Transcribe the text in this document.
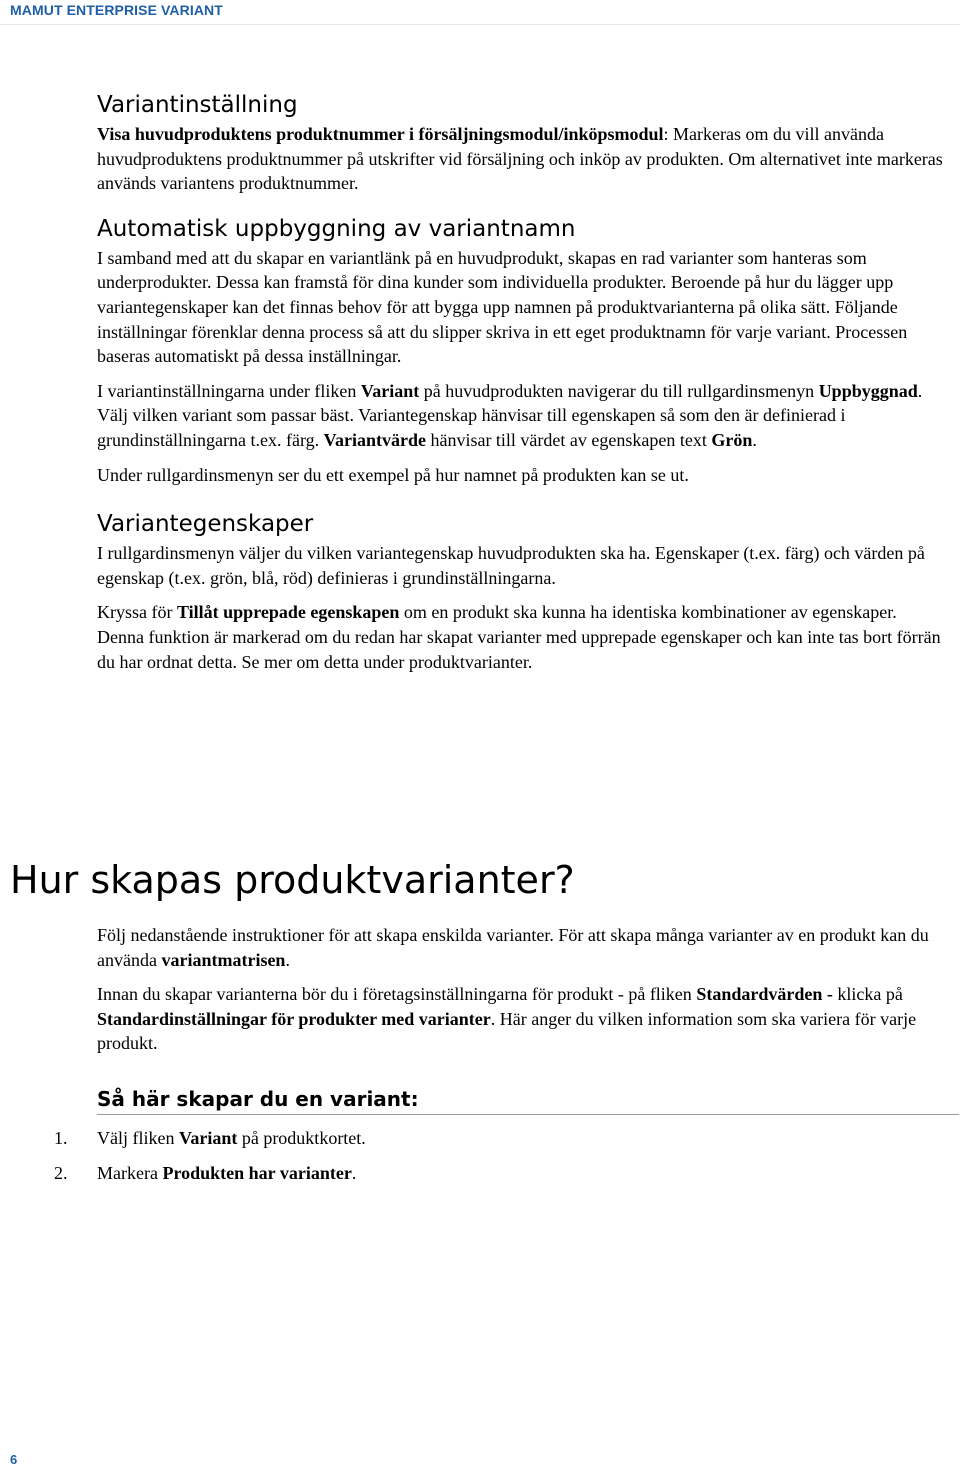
MAMUT ENTERPRISE VARIANT
Variantinställning

Visa huvudproduktens produktnummer i försäljningsmodul/inköpsmodul: Markeras om du vill använda huvudproduktens produktnummer på utskrifter vid försäljning och inköp av produkten. Om alternativet inte markeras används variantens produktnummer.

Automatisk uppbyggning av variantnamn

I samband med att du skapar en variantlänk på en huvudprodukt, skapas en rad varianter som hanteras som underprodukter. Dessa kan framstå för dina kunder som individuella produkter. Beroende på hur du lägger upp variantegenskaper kan det finnas behov för att bygga upp namnen på produktvarianterna på olika sätt. Följande inställningar förenklar denna process så att du slipper skriva in ett eget produktnamn för varje variant. Processen baseras automatiskt på dessa inställningar.

I variantinställningarna under fliken Variant på huvudprodukten navigerar du till rullgardinsmenyn Uppbyggnad. Välj vilken variant som passar bäst. Variantegenskap hänvisar till egenskapen så som den är definierad i grundinställningarna t.ex. färg. Variantvärde hänvisar till värdet av egenskapen text Grön.

Under rullgardinsmenyn ser du ett exempel på hur namnet på produkten kan se ut.

Variantegenskaper

I rullgardinsmenyn väljer du vilken variantegenskap huvudprodukten ska ha. Egenskaper (t.ex. färg) och värden på egenskap (t.ex. grön, blå, röd) definieras i grundinställningarna.

Kryssa för Tillåt upprepade egenskapen om en produkt ska kunna ha identiska kombinationer av egenskaper. Denna funktion är markerad om du redan har skapat varianter med upprepade egenskaper och kan inte tas bort förrän du har ordnat detta. Se mer om detta under produktvarianter.

Hur skapas produktvarianter?

Följ nedanstående instruktioner för att skapa enskilda varianter. För att skapa många varianter av en produkt kan du använda variantmatrisen.

Innan du skapar varianterna bör du i företagsinställningarna för produkt - på fliken Standardvärden - klicka på Standardinställningar för produkter med varianter. Här anger du vilken information som ska variera för varje produkt.

Så här skapar du en variant:
1. Välj fliken Variant på produktkortet.
2. Markera Produkten har varianter.
6
